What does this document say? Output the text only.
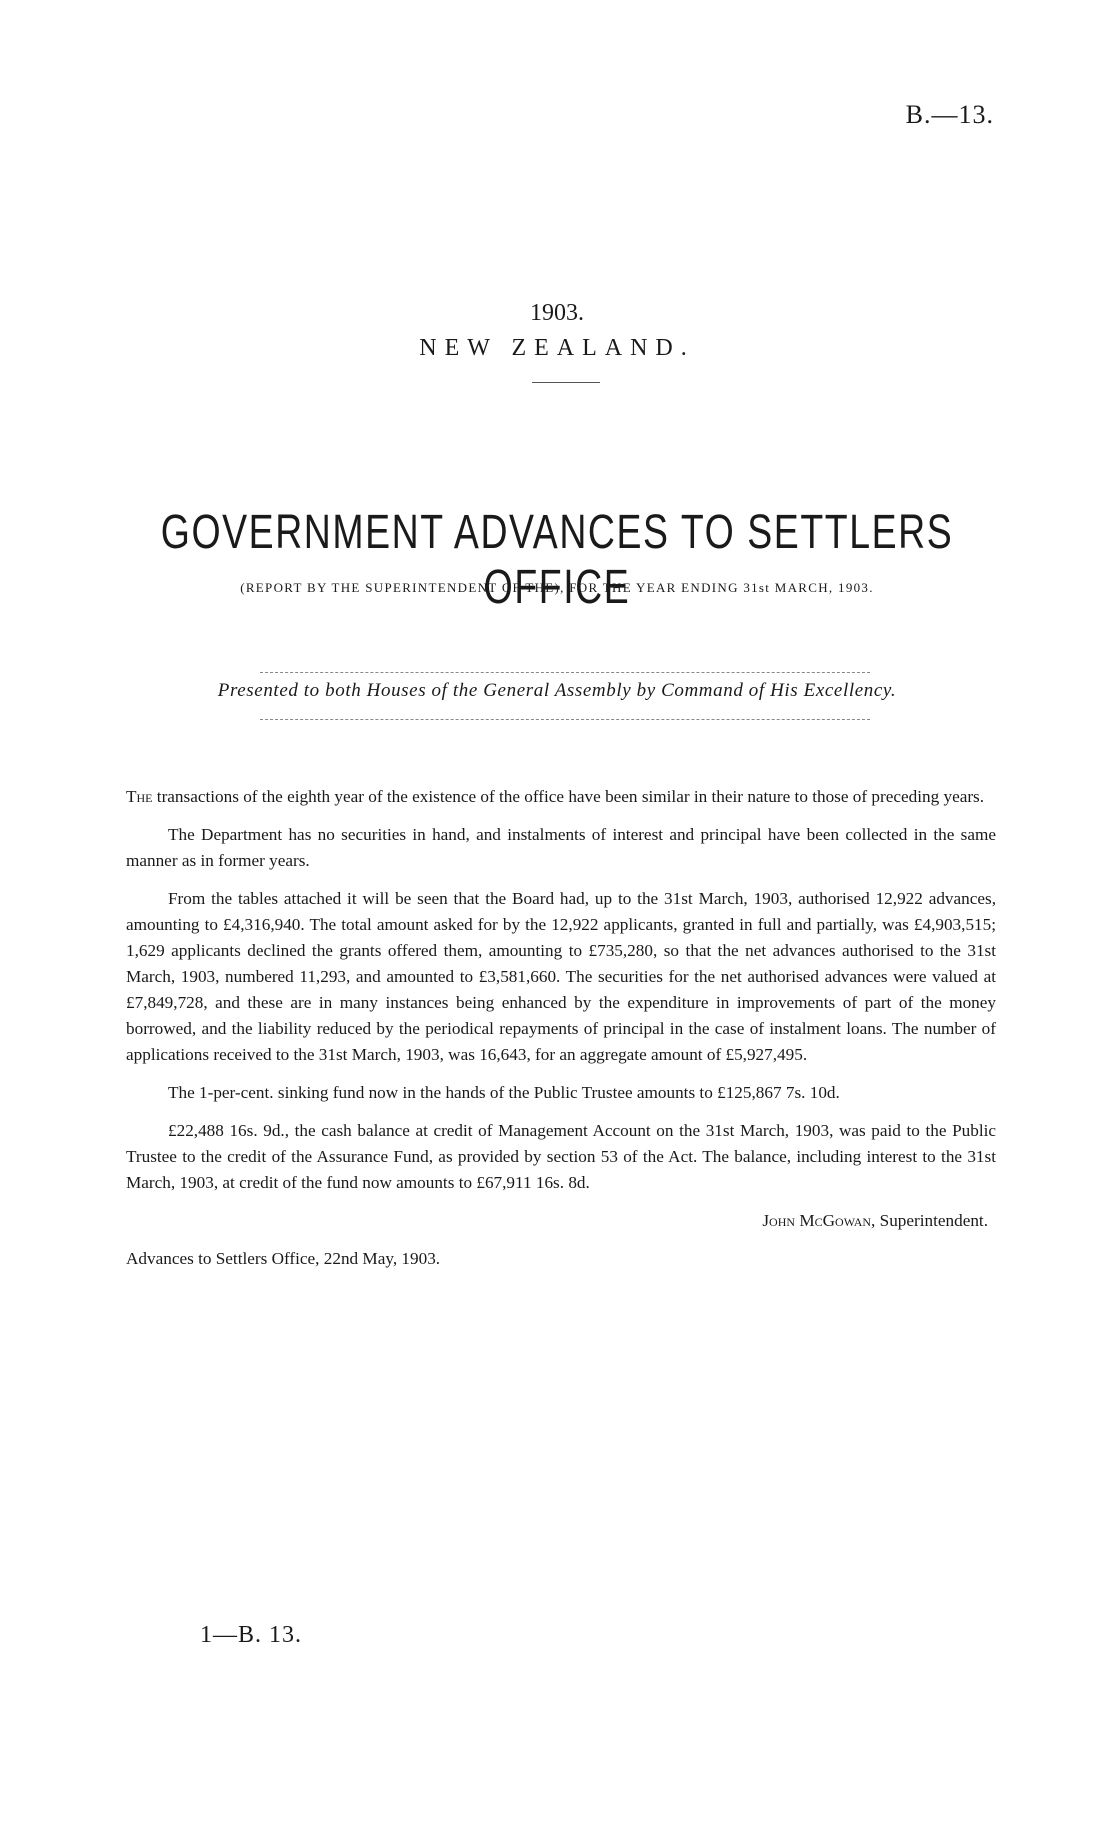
B.—13.
1903.
NEW ZEALAND.
GOVERNMENT ADVANCES TO SETTLERS OFFICE
(REPORT BY THE SUPERINTENDENT OF THE), FOR THE YEAR ENDING 31st MARCH, 1903.
Presented to both Houses of the General Assembly by Command of His Excellency.

The transactions of the eighth year of the existence of the office have been similar in their nature to those of preceding years.

The Department has no securities in hand, and instalments of interest and principal have been collected in the same manner as in former years.

From the tables attached it will be seen that the Board had, up to the 31st March, 1903, authorised 12,922 advances, amounting to £4,316,940. The total amount asked for by the 12,922 applicants, granted in full and partially, was £4,903,515; 1,629 applicants declined the grants offered them, amounting to £735,280, so that the net advances authorised to the 31st March, 1903, numbered 11,293, and amounted to £3,581,660. The securities for the net authorised advances were valued at £7,849,728, and these are in many instances being enhanced by the expenditure in improvements of part of the money borrowed, and the liability reduced by the periodical repayments of principal in the case of instalment loans. The number of applications received to the 31st March, 1903, was 16,643, for an aggregate amount of £5,927,495.

The 1-per-cent. sinking fund now in the hands of the Public Trustee amounts to £125,867 7s. 10d.

£22,488 16s. 9d., the cash balance at credit of Management Account on the 31st March, 1903, was paid to the Public Trustee to the credit of the Assurance Fund, as provided by section 53 of the Act. The balance, including interest to the 31st March, 1903, at credit of the fund now amounts to £67,911 16s. 8d.

John McGowan, Superintendent.

Advances to Settlers Office, 22nd May, 1903.

1—B. 13.
